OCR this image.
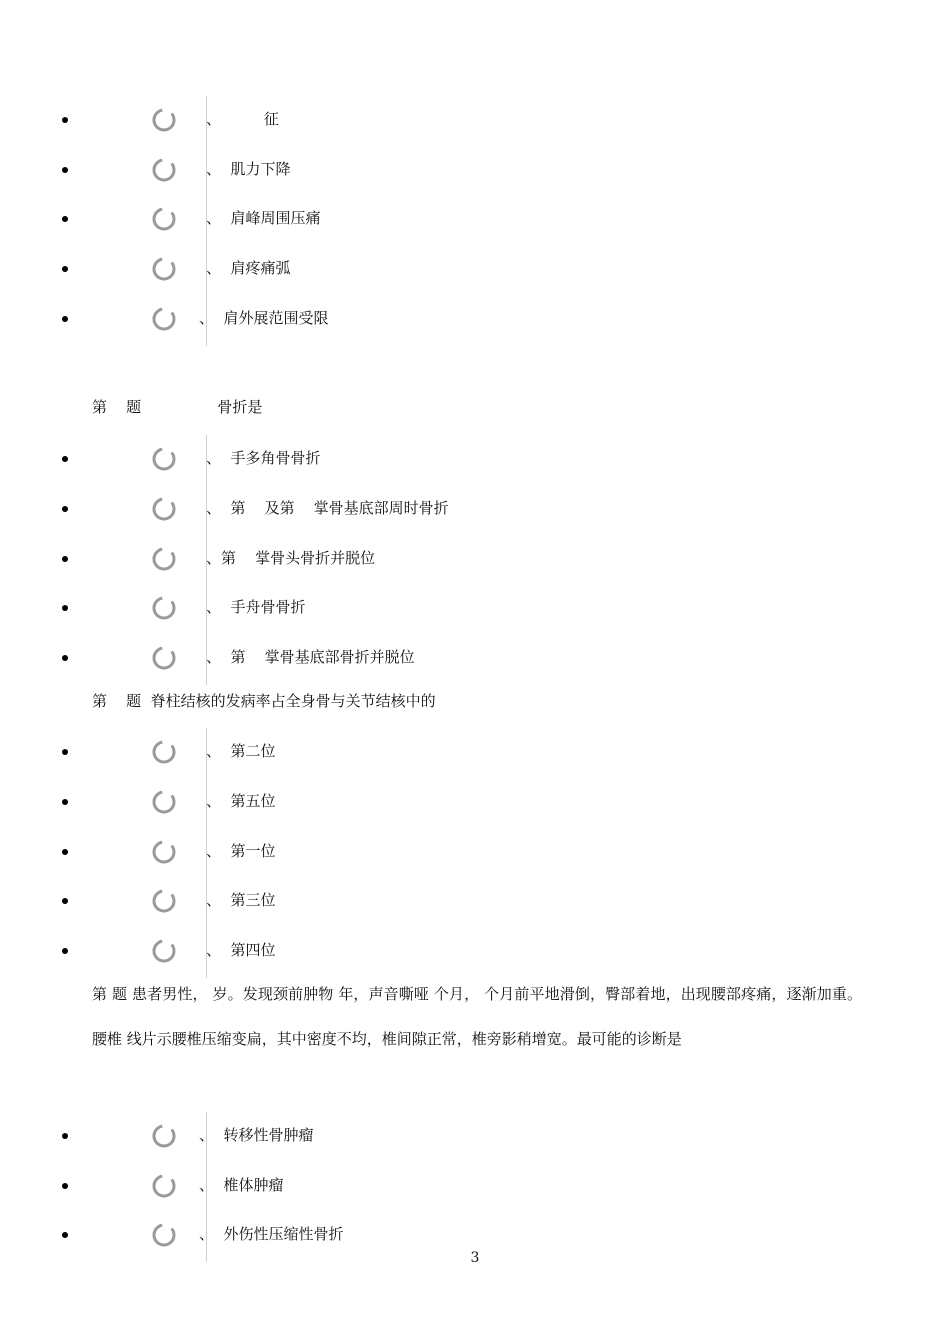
、         征
、  肌力下降
、  肩峰周围压痛
、  肩疼痛弧
、  肩外展范围受限
第    题                骨折是
、  手多角骨骨折
、  第    及第    掌骨基底部周时骨折
、第    掌骨头骨折并脱位
、  手舟骨骨折
、  第    掌骨基底部骨折并脱位
第    题  脊柱结核的发病率占全身骨与关节结核中的
、  第二位
、  第五位
、  第一位
、  第三位
、  第四位
第 题 患者男性， 岁。发现颈前肿物 年，声音嘶哑 个月， 个月前平地滑倒，臀部着地，出现腰部疼痛，逐渐加重。腰椎 线片示腰椎压缩变扁，其中密度不均，椎间隙正常，椎旁影稍增宽。最可能的诊断是
、  转移性骨肿瘤
、  椎体肿瘤
、  外伤性压缩性骨折
3
